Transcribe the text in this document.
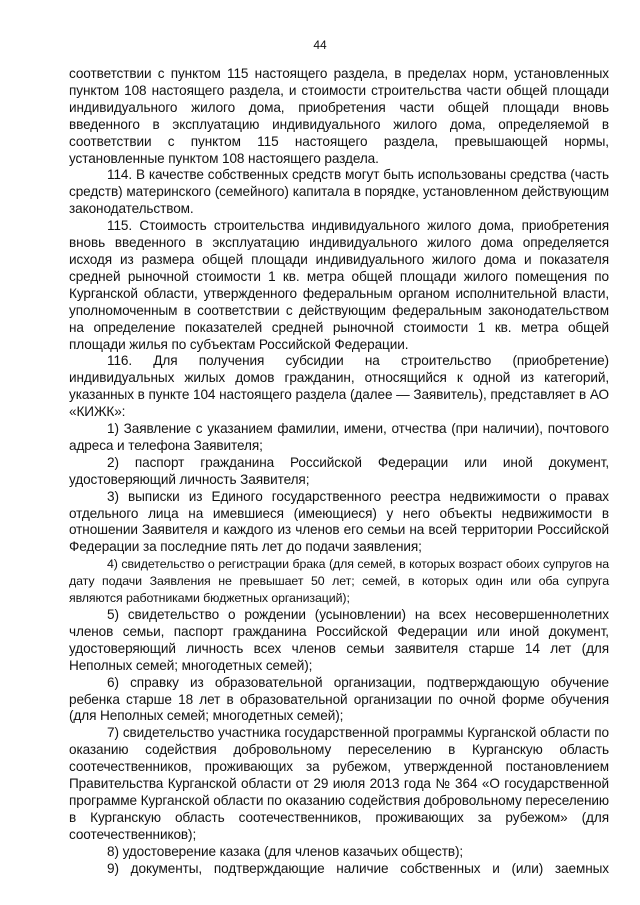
44

соответствии с пунктом 115 настоящего раздела, в пределах норм, установленных пунктом 108 настоящего раздела, и стоимости строительства части общей площади индивидуального жилого дома, приобретения части общей площади вновь введенного в эксплуатацию индивидуального жилого дома, определяемой в соответствии с пунктом 115 настоящего раздела, превышающей нормы, установленные пунктом 108 настоящего раздела.

114. В качестве собственных средств могут быть использованы средства (часть средств) материнского (семейного) капитала в порядке, установленном действующим законодательством.

115. Стоимость строительства индивидуального жилого дома, приобретения вновь введенного в эксплуатацию индивидуального жилого дома определяется исходя из размера общей площади индивидуального жилого дома и показателя средней рыночной стоимости 1 кв. метра общей площади жилого помещения по Курганской области, утвержденного федеральным органом исполнительной власти, уполномоченным в соответствии с действующим федеральным законодательством на определение показателей средней рыночной стоимости 1 кв. метра общей площади жилья по субъектам Российской Федерации.

116. Для получения субсидии на строительство (приобретение) индивидуальных жилых домов гражданин, относящийся к одной из категорий, указанных в пункте 104 настоящего раздела (далее — Заявитель), представляет в АО «КИЖК»:

1) Заявление с указанием фамилии, имени, отчества (при наличии), почтового адреса и телефона Заявителя;

2) паспорт гражданина Российской Федерации или иной документ, удостоверяющий личность Заявителя;

3) выписки из Единого государственного реестра недвижимости о правах отдельного лица на имевшиеся (имеющиеся) у него объекты недвижимости в отношении Заявителя и каждого из членов его семьи на всей территории Российской Федерации за последние пять лет до подачи заявления;

4) свидетельство о регистрации брака (для семей, в которых возраст обоих супругов на дату подачи Заявления не превышает 50 лет; семей, в которых один или оба супруга являются работниками бюджетных организаций);

5) свидетельство о рождении (усыновлении) на всех несовершеннолетних членов семьи, паспорт гражданина Российской Федерации или иной документ, удостоверяющий личность всех членов семьи заявителя старше 14 лет (для Неполных семей; многодетных семей);

6) справку из образовательной организации, подтверждающую обучение ребенка старше 18 лет в образовательной организации по очной форме обучения (для Неполных семей; многодетных семей);

7) свидетельство участника государственной программы Курганской области по оказанию содействия добровольному переселению в Курганскую область соотечественников, проживающих за рубежом, утвержденной постановлением Правительства Курганской области от 29 июля 2013 года № 364 «О государственной программе Курганской области по оказанию содействия добровольному переселению в Курганскую область соотечественников, проживающих за рубежом» (для соотечественников);

8) удостоверение казака (для членов казачьих обществ);

9) документы, подтверждающие наличие собственных и (или) заемных
